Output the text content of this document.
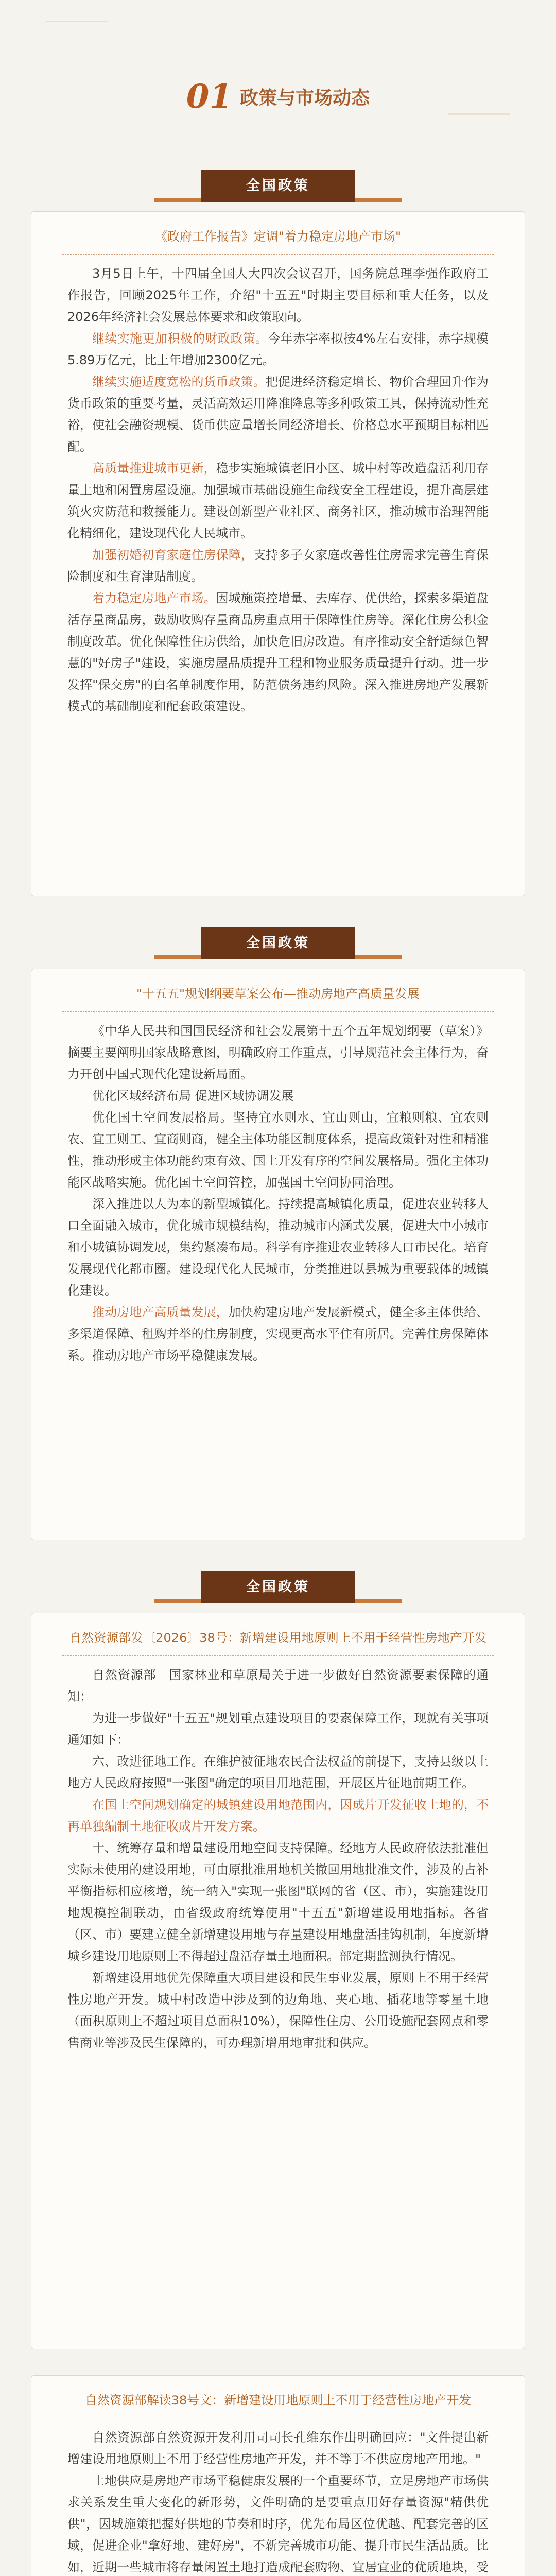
01 政策与市场动态
全国政策
《政府工作报告》定调"着力稳定房地产市场"

3月5日上午，十四届全国人大四次会议召开，国务院总理李强作政府工作报告，回顾2025年工作，介绍"十五五"时期主要目标和重大任务，以及2026年经济社会发展总体要求和政策取向。

继续实施更加积极的财政政策。今年赤字率拟按4%左右安排，赤字规模5.89万亿元，比上年增加2300亿元。

继续实施适度宽松的货币政策。把促进经济稳定增长、物价合理回升作为货币政策的重要考量，灵活高效运用降准降息等多种政策工具，保持流动性充裕，使社会融资规模、货币供应量增长同经济增长、价格总水平预期目标相匹配。

高质量推进城市更新，稳步实施城镇老旧小区、城中村等改造盘活利用存量土地和闲置房屋设施。加强城市基础设施生命线安全工程建设，提升高层建筑火灾防范和救援能力。建设创新型产业社区、商务社区，推动城市治理智能化精细化，建设现代化人民城市。

加强初婚初育家庭住房保障，支持多子女家庭改善性住房需求完善生育保险制度和生育津贴制度。

着力稳定房地产市场。因城施策控增量、去库存、优供给，探索多渠道盘活存量商品房，鼓励收购存量商品房重点用于保障性住房等。深化住房公积金制度改革。优化保障性住房供给，加快危旧房改造。有序推动安全舒适绿色智慧的"好房子"建设，实施房屋品质提升工程和物业服务质量提升行动。进一步发挥"保交房"的白名单制度作用，防范债务违约风险。深入推进房地产发展新模式的基础制度和配套政策建设。

全国政策
"十五五"规划纲要草案公布—推动房地产高质量发展

《中华人民共和国国民经济和社会发展第十五个五年规划纲要（草案）》摘要主要阐明国家战略意图，明确政府工作重点，引导规范社会主体行为，奋力开创中国式现代化建设新局面。

优化区域经济布局 促进区域协调发展

优化国土空间发展格局。坚持宜水则水、宜山则山，宜粮则粮、宜农则农、宜工则工、宜商则商，健全主体功能区制度体系，提高政策针对性和精准性，推动形成主体功能约束有效、国土开发有序的空间发展格局。强化主体功能区战略实施。优化国土空间管控，加强国土空间协同治理。

深入推进以人为本的新型城镇化。持续提高城镇化质量，促进农业转移人口全面融入城市，优化城市规模结构，推动城市内涵式发展，促进大中小城市和小城镇协调发展，集约紧凑布局。科学有序推进农业转移人口市民化。培育发展现代化都市圈。建设现代化人民城市，分类推进以县城为重要载体的城镇化建设。

推动房地产高质量发展，加快构建房地产发展新模式，健全多主体供给、多渠道保障、租购并举的住房制度，实现更高水平住有所居。完善住房保障体系。推动房地产市场平稳健康发展。

全国政策
自然资源部发〔2026〕38号：新增建设用地原则上不用于经营性房地产开发

自然资源部　国家林业和草原局关于进一步做好自然资源要素保障的通知：

为进一步做好"十五五"规划重点建设项目的要素保障工作，现就有关事项通知如下：

六、改进征地工作。在维护被征地农民合法权益的前提下，支持县级以上地方人民政府按照"一张图"确定的项目用地范围，开展区片征地前期工作。

在国土空间规划确定的城镇建设用地范围内，因成片开发征收土地的，不再单独编制土地征收成片开发方案。

十、统筹存量和增量建设用地空间支持保障。经地方人民政府依法批准但实际未使用的建设用地，可由原批准用地机关撤回用地批准文件，涉及的占补平衡指标相应核增，统一纳入"实现一张图"联网的省（区、市），实施建设用地规模控制联动，由省级政府统筹使用"十五五"新增建设用地指标。各省（区、市）要建立健全新增建设用地与存量建设用地盘活挂钩机制，年度新增城乡建设用地原则上不得超过盘活存量土地面积。部定期监测执行情况。

新增建设用地优先保障重大项目建设和民生事业发展，原则上不用于经营性房地产开发。城中村改造中涉及到的边角地、夹心地、插花地等零星土地（面积原则上不超过项目总面积10%），保障性住房、公用设施配套网点和零售商业等涉及民生保障的，可办理新增用地审批和供应。

自然资源部解读38号文：新增建设用地原则上不用于经营性房地产开发

自然资源部自然资源开发利用司司长孔维东作出明确回应："文件提出新增建设用地原则上不用于经营性房地产开发，并不等于不供应房地产用地。"

土地供应是房地产市场平稳健康发展的一个重要环节，立足房地产市场供求关系发生重大变化的新形势，文件明确的是要重点用好存量资源"精供优供"，因城施策把握好供地的节奏和时序，优先布局区位优越、配套完善的区域，促进企业"拿好地、建好房"，不新完善城市功能、提升市民生活品质。比如，近期一些城市将存量闲置土地打造成配套购物、宜居宜业的优质地块，受
